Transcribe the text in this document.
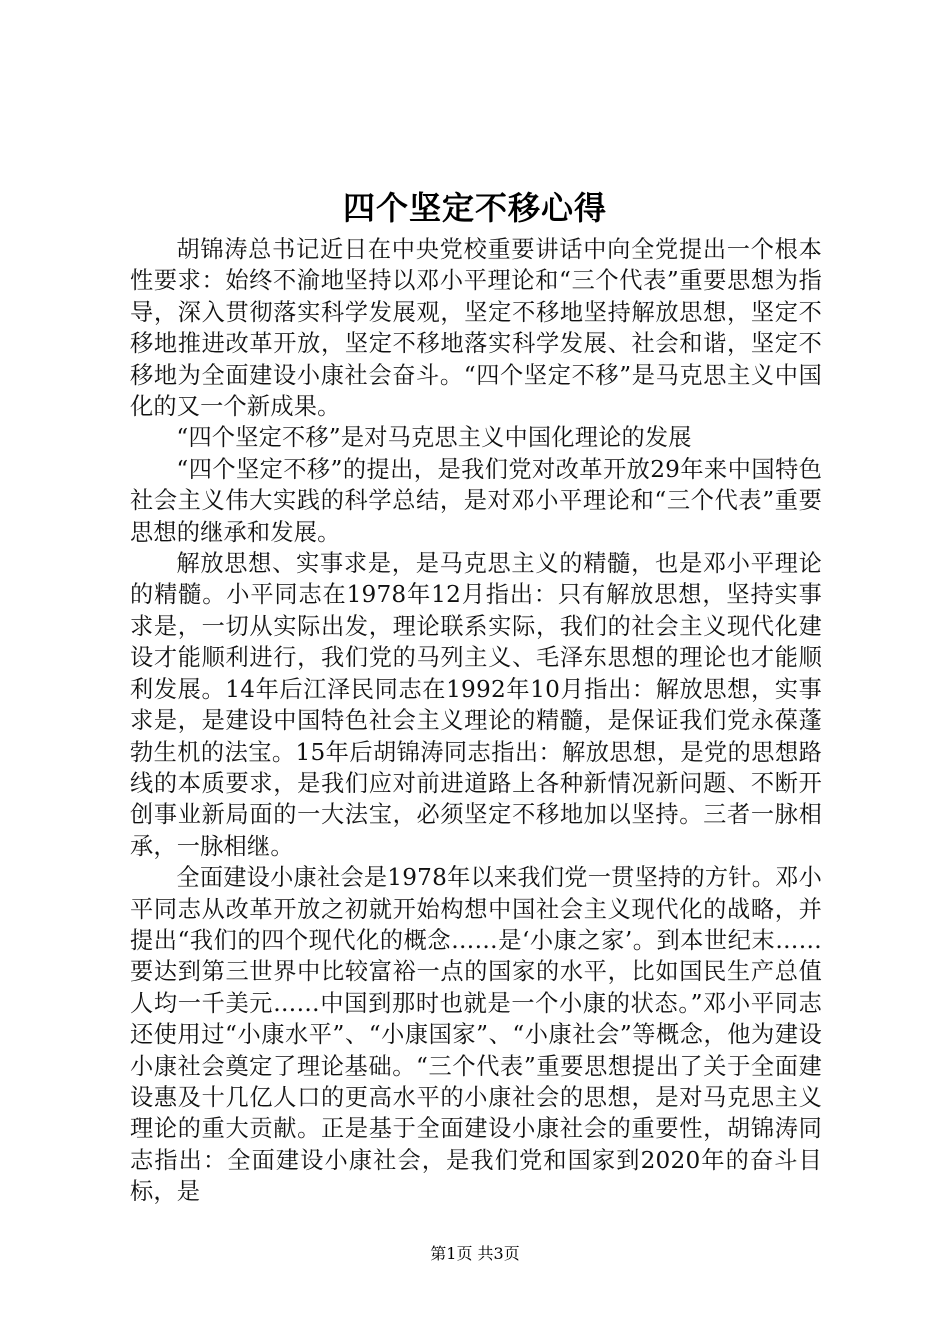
四个坚定不移心得

胡锦涛总书记近日在中央党校重要讲话中向全党提出一个根本性要求：始终不渝地坚持以邓小平理论和“三个代表”重要思想为指导，深入贯彻落实科学发展观，坚定不移地坚持解放思想，坚定不移地推进改革开放，坚定不移地落实科学发展、社会和谐，坚定不移地为全面建设小康社会奋斗。“四个坚定不移”是马克思主义中国化的又一个新成果。

“四个坚定不移”是对马克思主义中国化理论的发展

“四个坚定不移”的提出，是我们党对改革开放29年来中国特色社会主义伟大实践的科学总结，是对邓小平理论和“三个代表”重要思想的继承和发展。

解放思想、实事求是，是马克思主义的精髓，也是邓小平理论的精髓。小平同志在1978年12月指出：只有解放思想，坚持实事求是，一切从实际出发，理论联系实际，我们的社会主义现代化建设才能顺利进行，我们党的马列主义、毛泽东思想的理论也才能顺利发展。14年后江泽民同志在1992年10月指出：解放思想，实事求是，是建设中国特色社会主义理论的精髓，是保证我们党永葆蓬勃生机的法宝。15年后胡锦涛同志指出：解放思想，是党的思想路线的本质要求，是我们应对前进道路上各种新情况新问题、不断开创事业新局面的一大法宝，必须坚定不移地加以坚持。三者一脉相承，一脉相继。

全面建设小康社会是1978年以来我们党一贯坚持的方针。邓小平同志从改革开放之初就开始构想中国社会主义现代化的战略，并提出“我们的四个现代化的概念……是‘小康之家’。到本世纪末……要达到第三世界中比较富裕一点的国家的水平，比如国民生产总值人均一千美元……中国到那时也就是一个小康的状态。”邓小平同志还使用过“小康水平”、“小康国家”、“小康社会”等概念，他为建设小康社会奠定了理论基础。“三个代表”重要思想提出了关于全面建设惠及十几亿人口的更高水平的小康社会的思想，是对马克思主义理论的重大贡献。正是基于全面建设小康社会的重要性，胡锦涛同志指出：全面建设小康社会，是我们党和国家到2020年的奋斗目标，是

第1页 共3页
